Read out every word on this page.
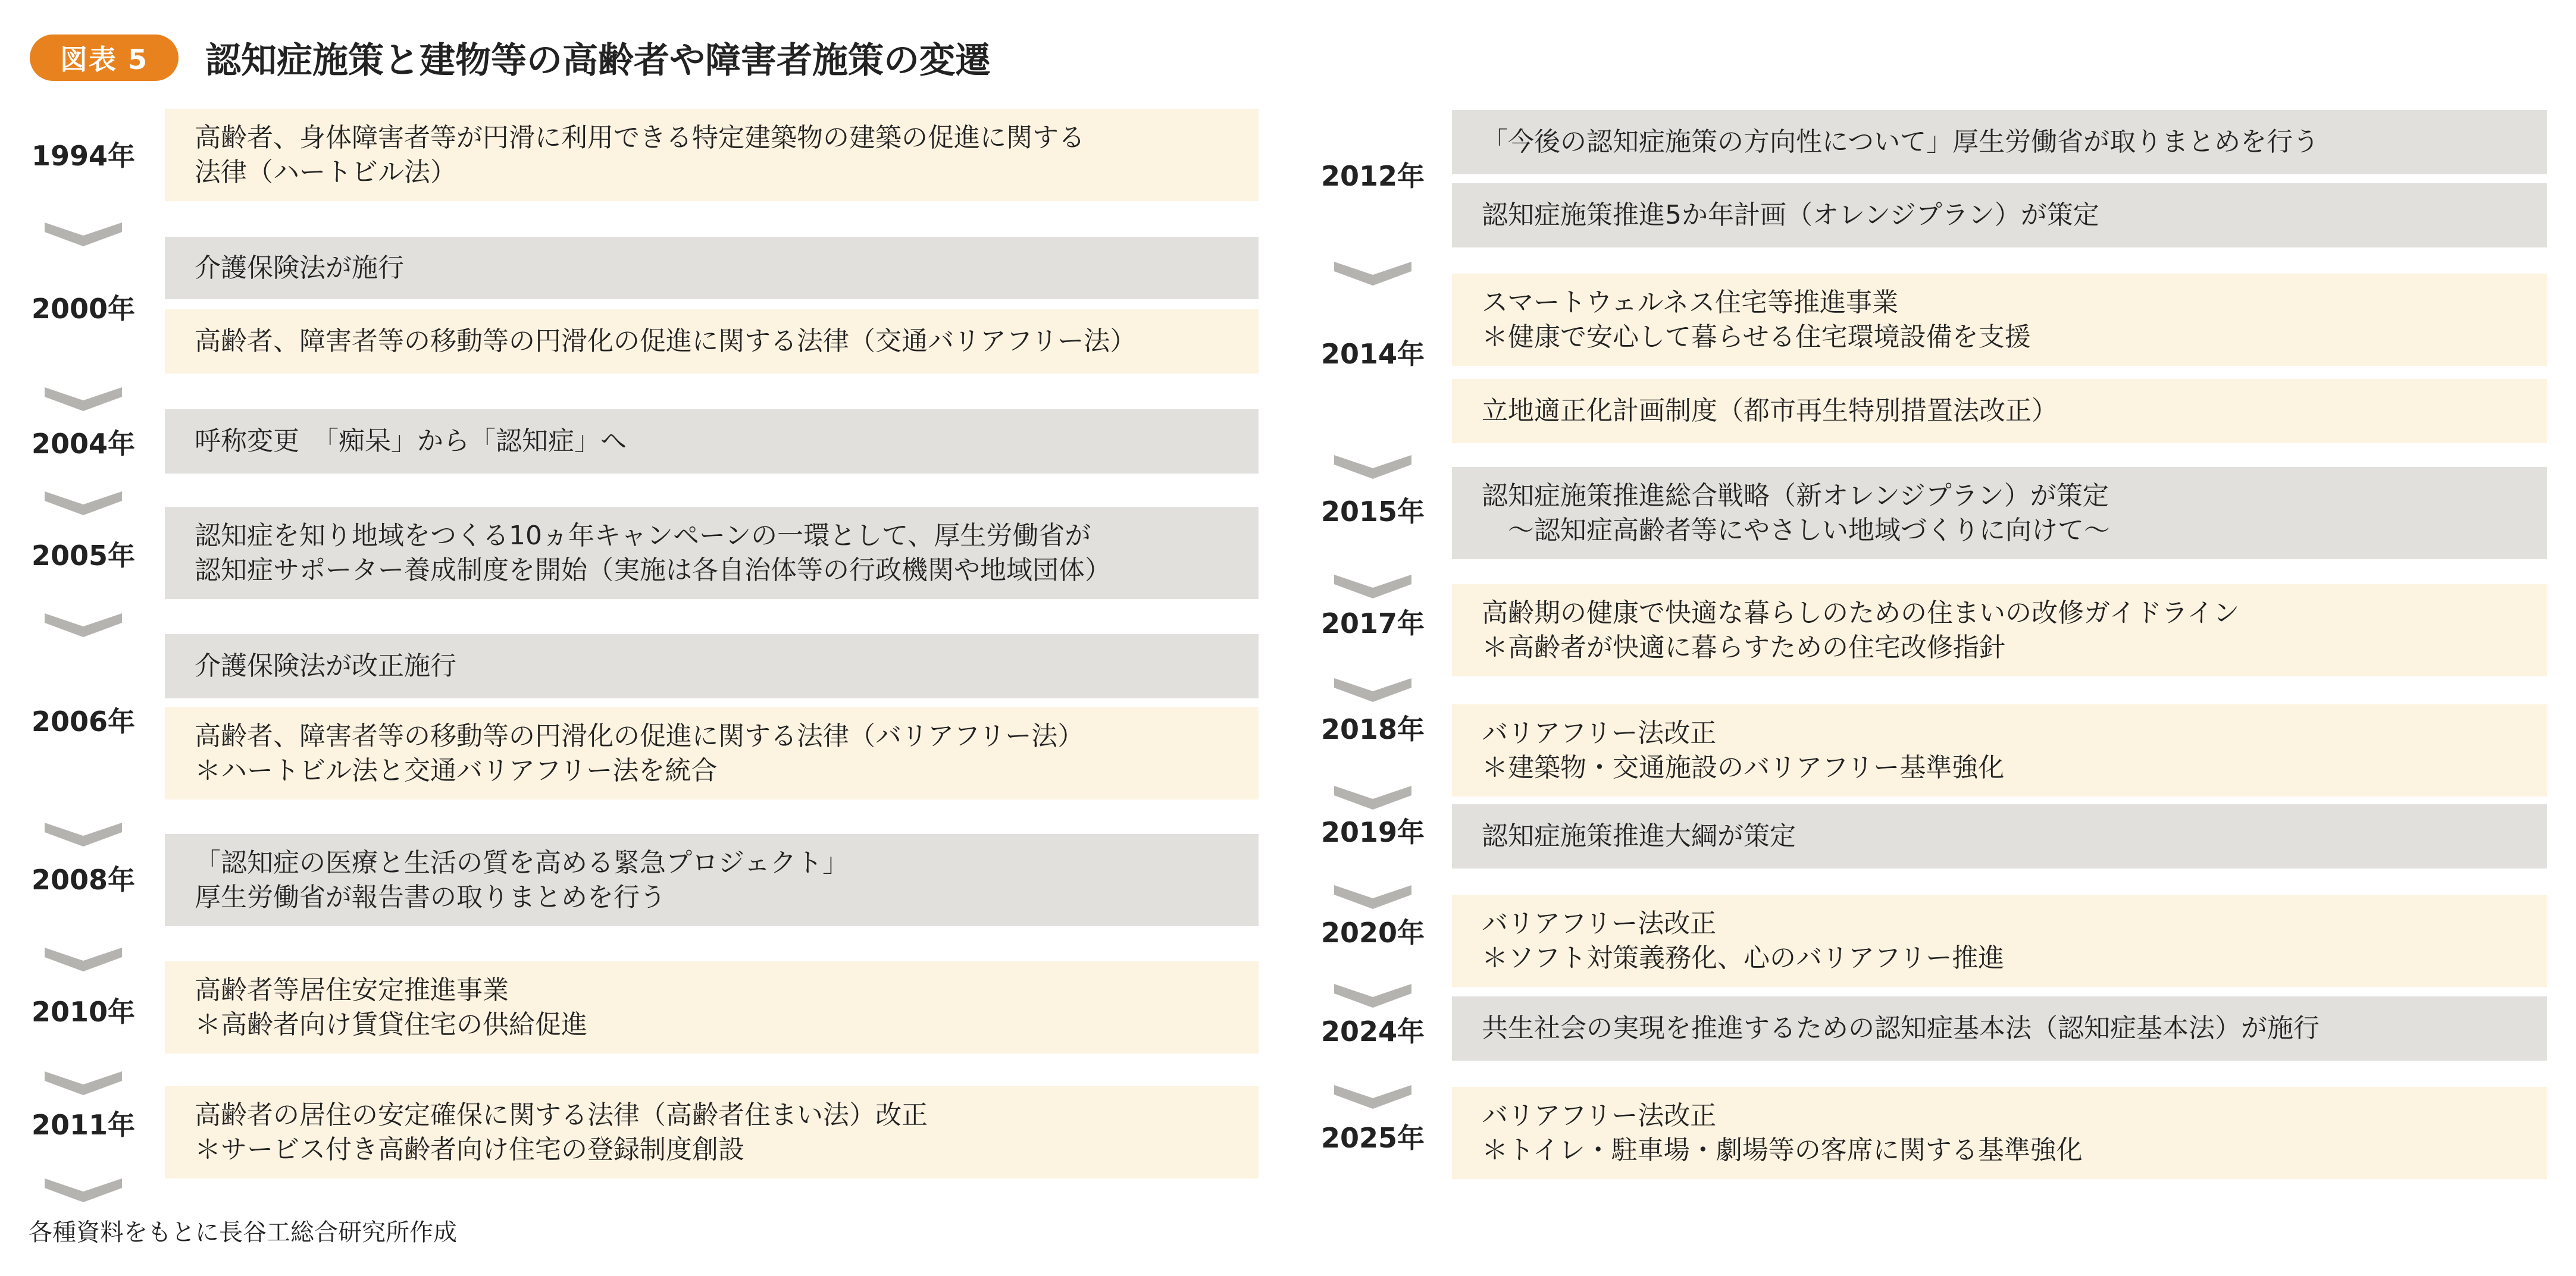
図表 5	認知症施策と建物等の高齢者や障害者施策の変遷
1994年
2000年
2004年
2005年
2006年
2008年
2010年
2011年
高齢者、身体障害者等が円滑に利用できる特定建築物の建築の促進に関する
法律（ハートビル法）
介護保険法が施行
高齢者、障害者等の移動等の円滑化の促進に関する法律（交通バリアフリー法）
呼称変更　「痴呆」から「認知症」へ
認知症を知り地域をつくる10ヵ年キャンペーンの一環として、厚生労働省が
認知症サポーター養成制度を開始（実施は各自治体等の行政機関や地域団体）
介護保険法が改正施行
高齢者、障害者等の移動等の円滑化の促進に関する法律（バリアフリー法）
＊ハートビル法と交通バリアフリー法を統合
「認知症の医療と生活の質を高める緊急プロジェクト」
厚生労働省が報告書の取りまとめを行う
高齢者等居住安定推進事業
＊高齢者向け賃貸住宅の供給促進
高齢者の居住の安定確保に関する法律（高齢者住まい法）改正
＊サービス付き高齢者向け住宅の登録制度創設
2012年
2014年
2015年
2017年
2018年
2019年
2020年
2024年
2025年
「今後の認知症施策の方向性について」厚生労働省が取りまとめを行う
認知症施策推進5か年計画（オレンジプラン）が策定
スマートウェルネス住宅等推進事業
＊健康で安心して暮らせる住宅環境設備を支援
立地適正化計画制度（都市再生特別措置法改正）
認知症施策推進総合戦略（新オレンジプラン）が策定
　～認知症高齢者等にやさしい地域づくりに向けて～
高齢期の健康で快適な暮らしのための住まいの改修ガイドライン
＊高齢者が快適に暮らすための住宅改修指針
バリアフリー法改正
＊建築物・交通施設のバリアフリー基準強化
認知症施策推進大綱が策定
バリアフリー法改正
＊ソフト対策義務化、心のバリアフリー推進
共生社会の実現を推進するための認知症基本法（認知症基本法）が施行
バリアフリー法改正
＊トイレ・駐車場・劇場等の客席に関する基準強化
各種資料をもとに長谷工総合研究所作成
